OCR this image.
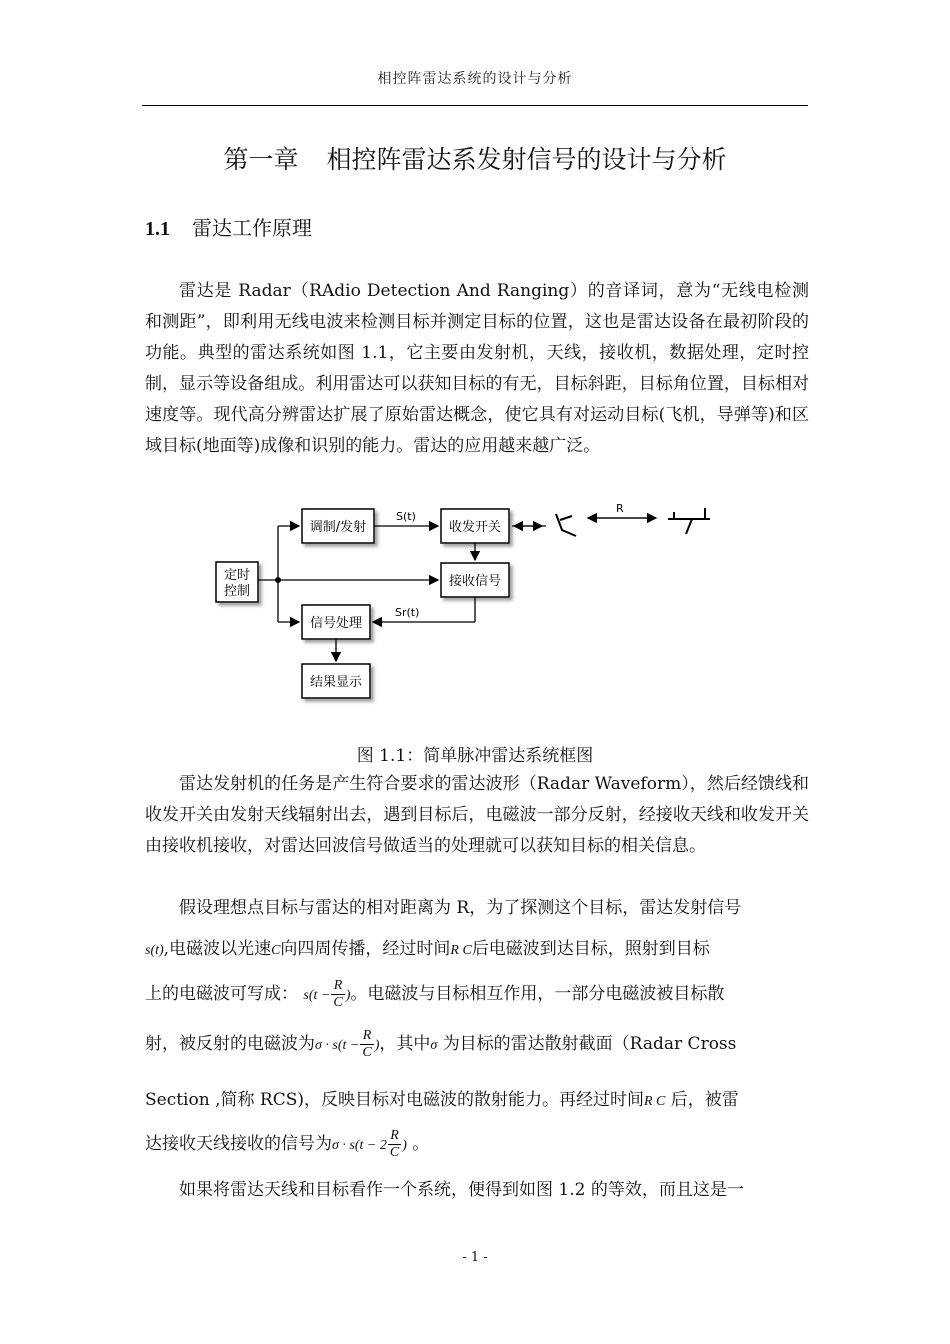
相控阵雷达系统的设计与分析
第一章 相控阵雷达系发射信号的设计与分析
1.1 雷达工作原理

雷达是 Radar（RAdio Detection And Ranging）的音译词，意为“无线电检测和测距”，即利用无线电波来检测目标并测定目标的位置，这也是雷达设备在最初阶段的功能。典型的雷达系统如图 1.1，它主要由发射机，天线，接收机，数据处理，定时控制，显示等设备组成。利用雷达可以获知目标的有无，目标斜距，目标角位置，目标相对速度等。现代高分辨雷达扩展了原始雷达概念，使它具有对运动目标(飞机，导弹等)和区域目标(地面等)成像和识别的能力。雷达的应用越来越广泛。

定时
控制
调制/发射	收发开关
接收信号
信号处理
结果显示
S(t)
Sr(t)
R
图 1.1：简单脉冲雷达系统框图

雷达发射机的任务是产生符合要求的雷达波形（Radar Waveform），然后经馈线和收发开关由发射天线辐射出去，遇到目标后，电磁波一部分反射，经接收天线和收发开关由接收机接收，对雷达回波信号做适当的处理就可以获知目标的相关信息。

假设理想点目标与雷达的相对距离为 R，为了探测这个目标，雷达发射信号

s(t),电磁波以光速C向四周传播，经过时间R C后电磁波到达目标，照射到目标
上的电磁波可写成： $s(t - \frac{R}{C}$ )。电磁波与目标相互作用，一部分电磁波被目标散
射，被反射的电磁波为$\sigma \cdot s(t - \frac{R}{C}$ )，其中σ 为目标的雷达散射截面（Radar Cross
Section ,简称 RCS)，反映目标对电磁波的散射能力。再经过时间R C 后，被雷
达接收天线接收的信号为$\sigma \cdot s(t - 2 \frac{R}{C}$ ) 。

如果将雷达天线和目标看作一个系统，便得到如图 1.2 的等效，而且这是一

- 1 -
